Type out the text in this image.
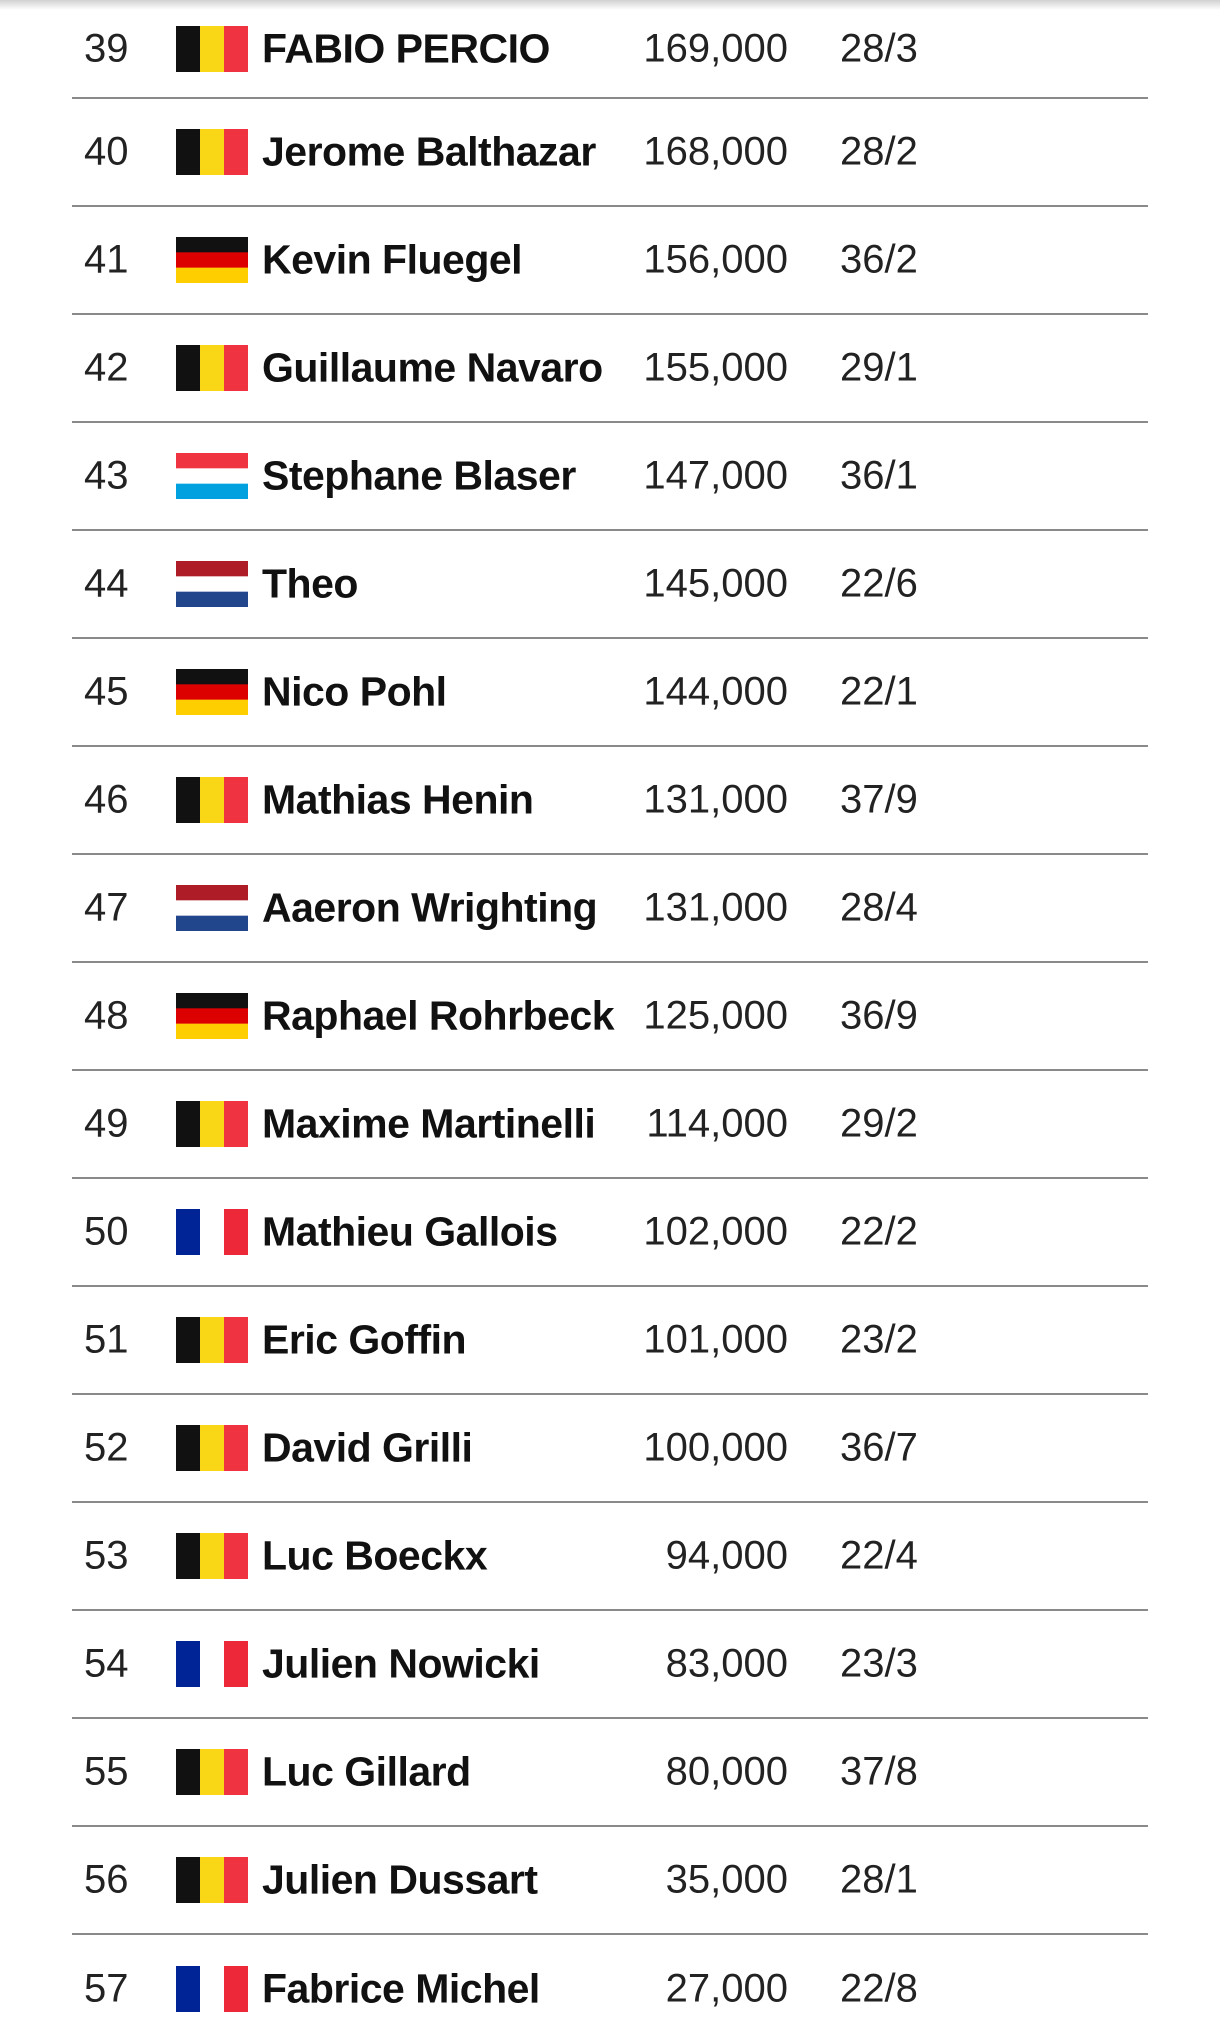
39	FABIO PERCIO 169,000 28/3
40	Jerome Balthazar 168,000 28/2
41	Kevin Fluegel	156,000 36/2
42	Guillaume Navaro 155,000 29/1
43	Stephane Blaser 147,000 36/1
44	Theo	145,000 22/6
45	Nico Pohl	144,000 22/1
46	Mathias Henin	131,000 37/9
47	Aaeron Wrighting 131,000 28/4
48	Raphael Rohrbeck 125,000 36/9
49	Maxime Martinelli 114,000 29/2
50	Mathieu Gallois 102,000 22/2
51	Eric Goffin	101,000 23/2
52	David Grilli	100,000 36/7
53	Luc Boeckx	94,000 22/4
54	Julien Nowicki	83,000 23/3
55	Luc Gillard	80,000 37/8
56	Julien Dussart	35,000 28/1
57	Fabrice Michel	27,000 22/8
